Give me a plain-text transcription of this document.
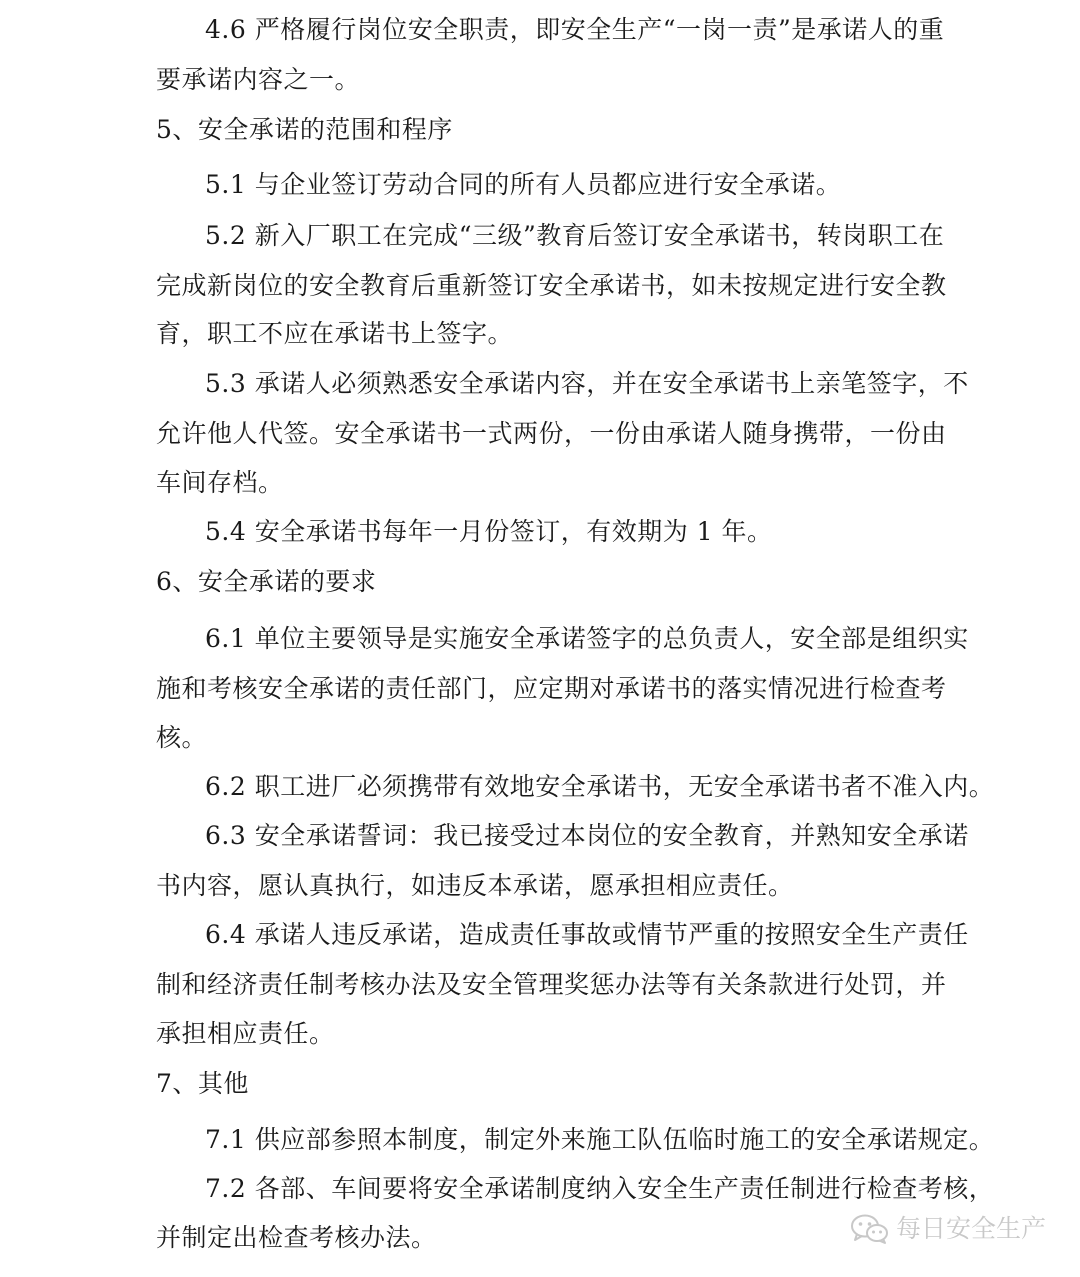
4.6 严格履行岗位安全职责，即安全生产“一岗一责”是承诺人的重
要承诺内容之一。
5、安全承诺的范围和程序
5.1 与企业签订劳动合同的所有人员都应进行安全承诺。
5.2 新入厂职工在完成“三级”教育后签订安全承诺书，转岗职工在
完成新岗位的安全教育后重新签订安全承诺书，如未按规定进行安全教
育，职工不应在承诺书上签字。
5.3 承诺人必须熟悉安全承诺内容，并在安全承诺书上亲笔签字，不
允许他人代签。安全承诺书一式两份，一份由承诺人随身携带，一份由
车间存档。
5.4 安全承诺书每年一月份签订，有效期为 1 年。
6、安全承诺的要求
6.1 单位主要领导是实施安全承诺签字的总负责人，安全部是组织实
施和考核安全承诺的责任部门，应定期对承诺书的落实情况进行检查考
核。
6.2 职工进厂必须携带有效地安全承诺书，无安全承诺书者不准入内。
6.3 安全承诺誓词：我已接受过本岗位的安全教育，并熟知安全承诺
书内容，愿认真执行，如违反本承诺，愿承担相应责任。
6.4 承诺人违反承诺，造成责任事故或情节严重的按照安全生产责任
制和经济责任制考核办法及安全管理奖惩办法等有关条款进行处罚，并
承担相应责任。
7、其他
7.1 供应部参照本制度，制定外来施工队伍临时施工的安全承诺规定。
7.2 各部、车间要将安全承诺制度纳入安全生产责任制进行检查考核，
并制定出检查考核办法。	每日安全生产
